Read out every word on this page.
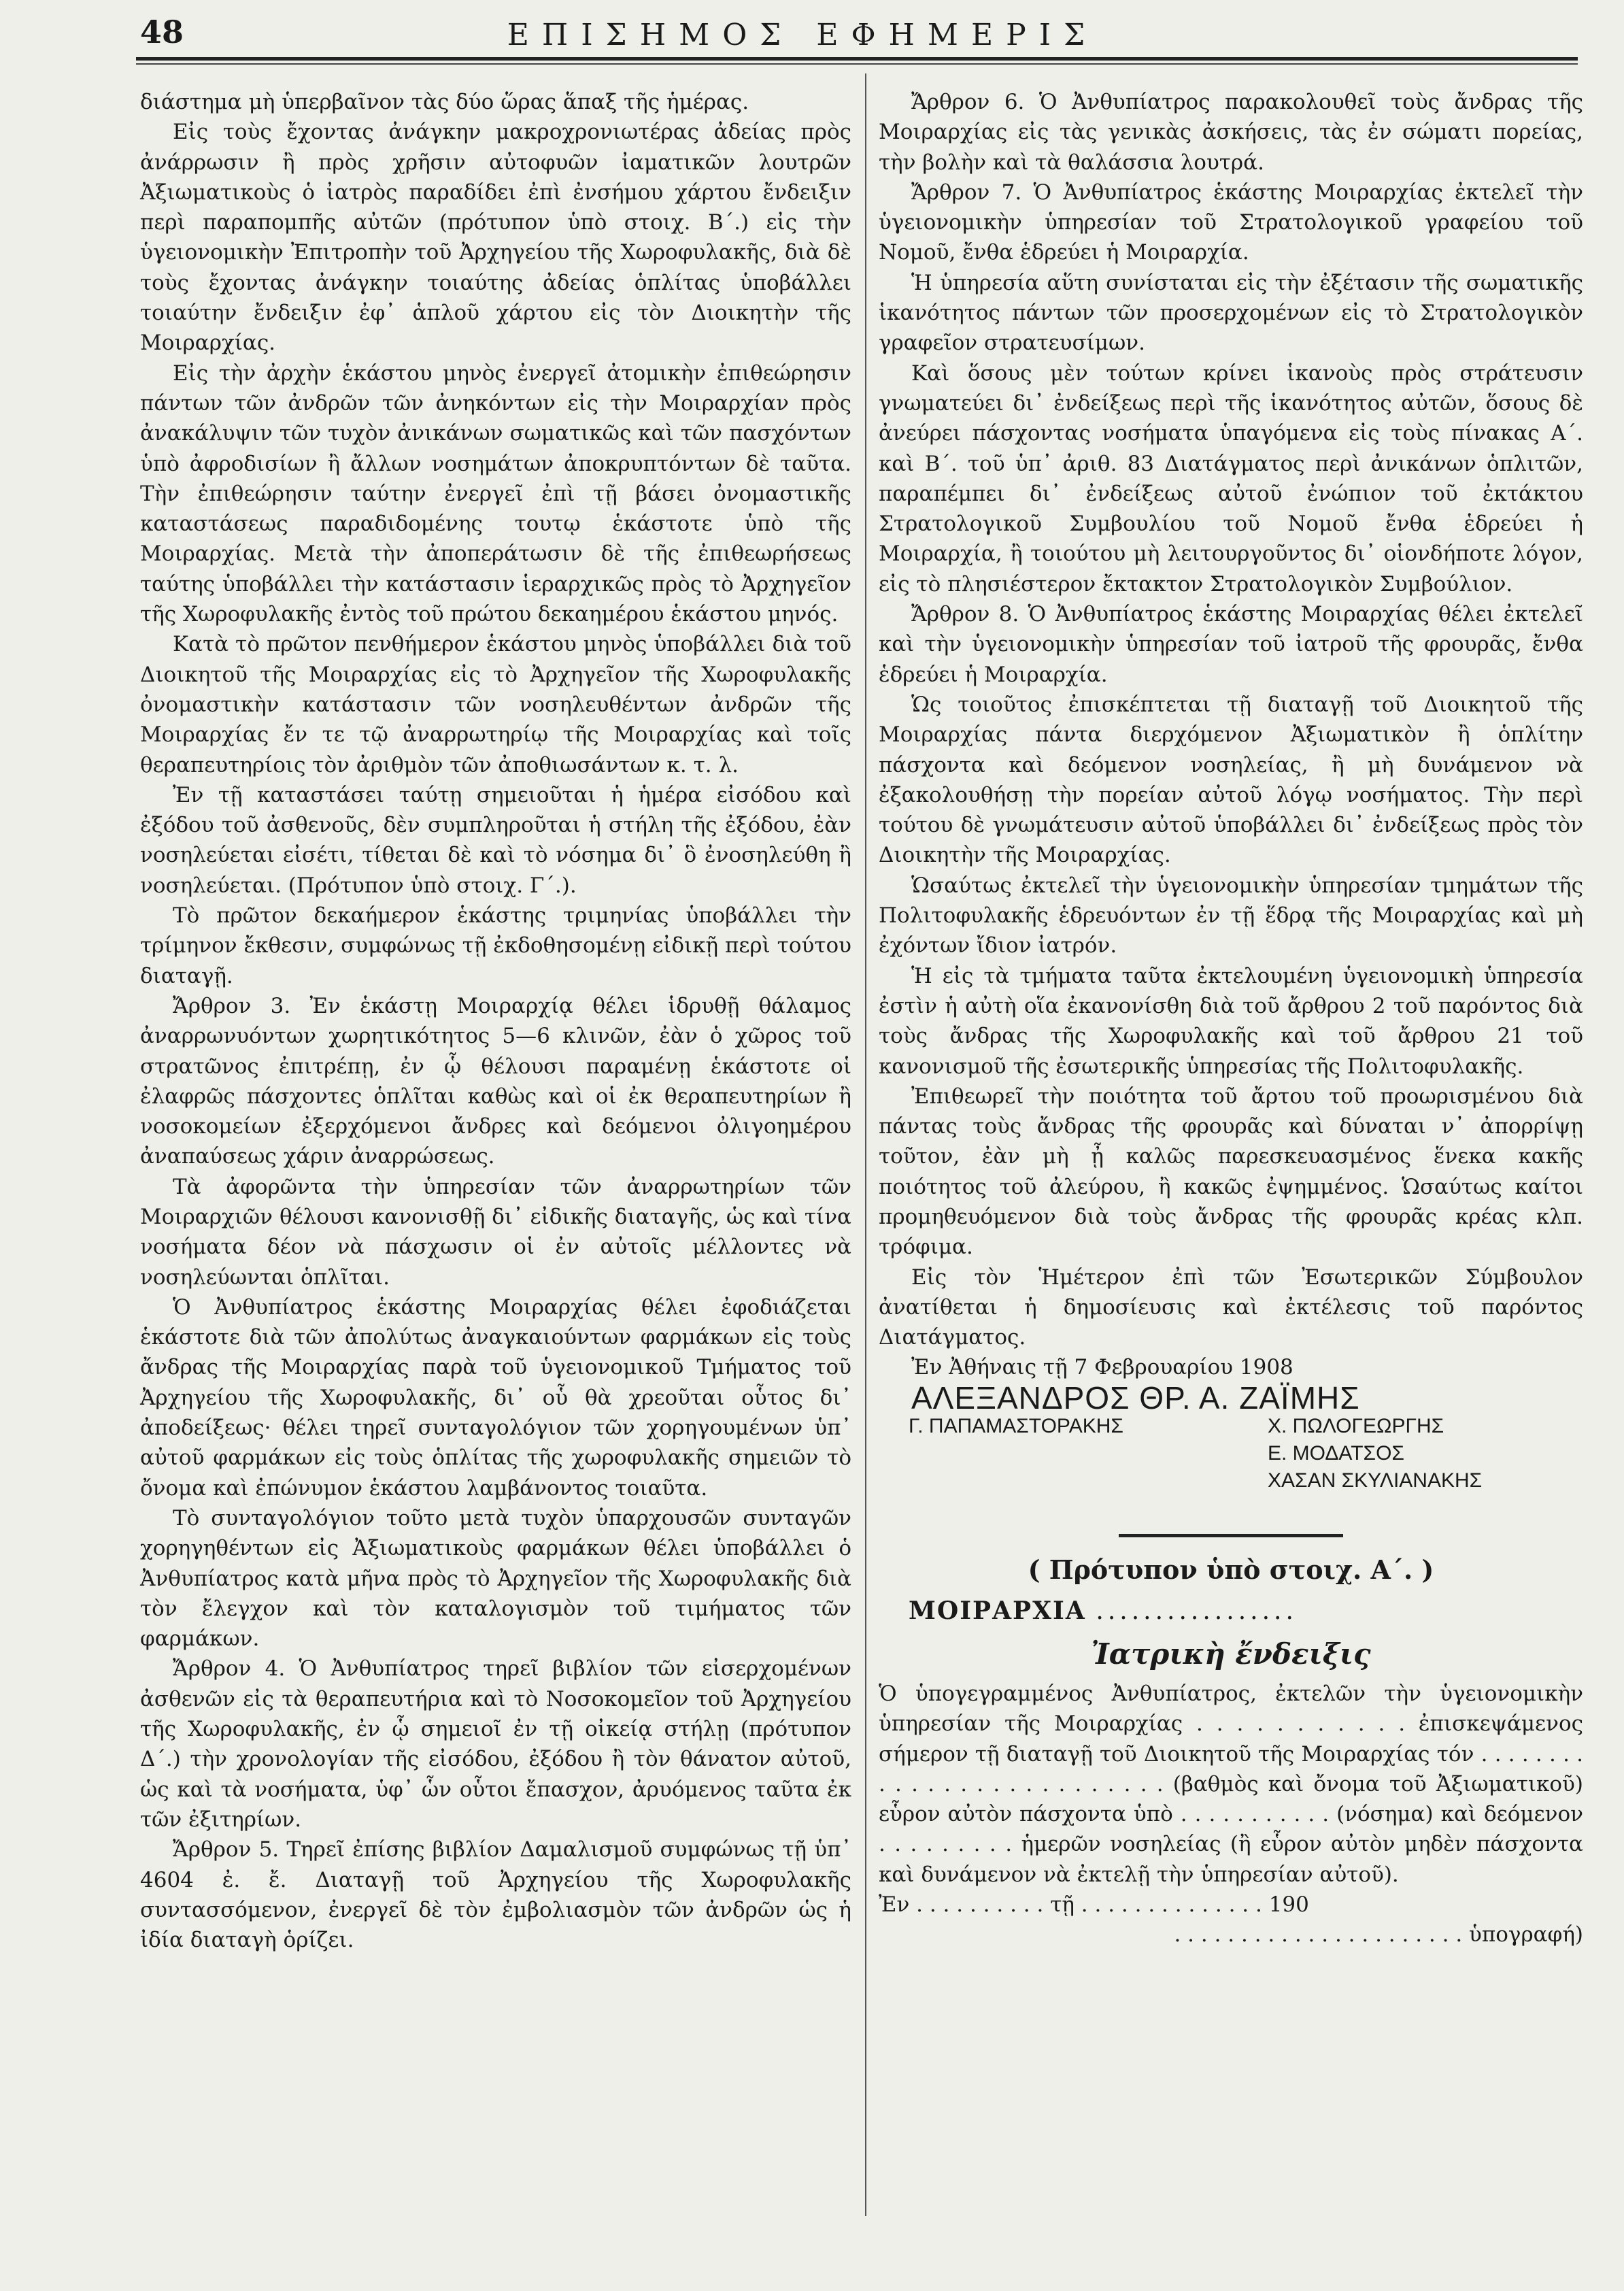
48	ΕΠΙΣΗΜΟΣ ΕΦΗΜΕΡΙΣ

διάστημα μὴ ὑπερβαῖνον τὰς δύο ὥρας ἅπαξ τῆς ἡμέρας.

Εἰς τοὺς ἔχοντας ἀνάγκην μακροχρονιωτέρας ἀδείας πρὸς ἀνάρρωσιν ἢ πρὸς χρῆσιν αὐτοφυῶν ἰαματικῶν λουτρῶν Ἀξιωματικοὺς ὁ ἰατρὸς παραδίδει ἐπὶ ἐνσήμου χάρτου ἔνδειξιν περὶ παραπομπῆς αὐτῶν (πρότυπον ὑπὸ στοιχ. Β΄.) εἰς τὴν ὑγειονομικὴν Ἐπιτροπὴν τοῦ Ἀρχηγείου τῆς Χωροφυλακῆς, διὰ δὲ τοὺς ἔχοντας ἀνάγκην τοιαύτης ἀδείας ὁπλίτας ὑποβάλλει τοιαύτην ἔνδειξιν ἐφ᾿ ἁπλοῦ χάρτου εἰς τὸν Διοικητὴν τῆς Μοιραρχίας.

Εἰς τὴν ἀρχὴν ἑκάστου μηνὸς ἐνεργεῖ ἀτομικὴν ἐπιθεώρησιν πάντων τῶν ἀνδρῶν τῶν ἀνηκόντων εἰς τὴν Μοιραρχίαν πρὸς ἀνακάλυψιν τῶν τυχὸν ἀνικάνων σωματικῶς καὶ τῶν πασχόντων ὑπὸ ἀφροδισίων ἢ ἄλλων νοσημάτων ἀποκρυπτόντων δὲ ταῦτα. Τὴν ἐπιθεώρησιν ταύτην ἐνεργεῖ ἐπὶ τῇ βάσει ὀνομαστικῆς καταστάσεως παραδιδομένης τουτῳ ἑκάστοτε ὑπὸ τῆς Μοιραρχίας. Μετὰ τὴν ἀποπεράτωσιν δὲ τῆς ἐπιθεωρήσεως ταύτης ὑποβάλλει τὴν κατάστασιν ἱεραρχικῶς πρὸς τὸ Ἀρχηγεῖον τῆς Χωροφυλακῆς ἐντὸς τοῦ πρώτου δεκαημέρου ἑκάστου μηνός.

Κατὰ τὸ πρῶτον πενθήμερον ἑκάστου μηνὸς ὑποβάλλει διὰ τοῦ Διοικητοῦ τῆς Μοιραρχίας εἰς τὸ Ἀρχηγεῖον τῆς Χωροφυλακῆς ὀνομαστικὴν κατάστασιν τῶν νοσηλευθέντων ἀνδρῶν τῆς Μοιραρχίας ἔν τε τῷ ἀναρρωτηρίῳ τῆς Μοιραρχίας καὶ τοῖς θεραπευτηρίοις τὸν ἀριθμὸν τῶν ἀποθιωσάντων κ. τ. λ.

Ἐν τῇ καταστάσει ταύτῃ σημειοῦται ἡ ἡμέρα εἰσόδου καὶ ἐξόδου τοῦ ἀσθενοῦς, δὲν συμπληροῦται ἡ στήλη τῆς ἐξόδου, ἐὰν νοσηλεύεται εἰσέτι, τίθεται δὲ καὶ τὸ νόσημα δι᾿ ὃ ἐνοσηλεύθη ἢ νοσηλεύεται. (Πρότυπον ὑπὸ στοιχ. Γ΄.).

Τὸ πρῶτον δεκαήμερον ἑκάστης τριμηνίας ὑποβάλλει τὴν τρίμηνον ἔκθεσιν, συμφώνως τῇ ἐκδοθησομένῃ εἰδικῇ περὶ τούτου διαταγῇ.

Ἄρθρον 3. Ἐν ἑκάστῃ Μοιραρχίᾳ θέλει ἱδρυθῇ θάλαμος ἀναρρωνυόντων χωρητικότητος 5—6 κλινῶν, ἐὰν ὁ χῶρος τοῦ στρατῶνος ἐπιτρέπῃ, ἐν ᾧ θέλουσι παραμένῃ ἑκάστοτε οἱ ἐλαφρῶς πάσχοντες ὁπλῖται καθὼς καὶ οἱ ἐκ θεραπευτηρίων ἢ νοσοκομείων ἐξερχόμενοι ἄνδρες καὶ δεόμενοι ὀλιγοημέρου ἀναπαύσεως χάριν ἀναρρώσεως.

Τὰ ἀφορῶντα τὴν ὑπηρεσίαν τῶν ἀναρρωτηρίων τῶν Μοιραρχιῶν θέλουσι κανονισθῇ δι᾿ εἰδικῆς διαταγῆς, ὡς καὶ τίνα νοσήματα δέον νὰ πάσχωσιν οἱ ἐν αὐτοῖς μέλλοντες νὰ νοσηλεύωνται ὁπλῖται.

Ὁ Ἀνθυπίατρος ἑκάστης Μοιραρχίας θέλει ἐφοδιάζεται ἑκάστοτε διὰ τῶν ἀπολύτως ἀναγκαιούντων φαρμάκων εἰς τοὺς ἄνδρας τῆς Μοιραρχίας παρὰ τοῦ ὑγειονομικοῦ Τμήματος τοῦ Ἀρχηγείου τῆς Χωροφυλακῆς, δι᾿ οὗ θὰ χρεοῦται οὗτος δι᾿ ἀποδείξεως· θέλει τηρεῖ συνταγολόγιον τῶν χορηγουμένων ὑπ᾿ αὐτοῦ φαρμάκων εἰς τοὺς ὁπλίτας τῆς χωροφυλακῆς σημειῶν τὸ ὄνομα καὶ ἐπώνυμον ἑκάστου λαμβάνοντος τοιαῦτα.

Τὸ συνταγολόγιον τοῦτο μετὰ τυχὸν ὑπαρχουσῶν συνταγῶν χορηγηθέντων εἰς Ἀξιωματικοὺς φαρμάκων θέλει ὑποβάλλει ὁ Ἀνθυπίατρος κατὰ μῆνα πρὸς τὸ Ἀρχηγεῖον τῆς Χωροφυλακῆς διὰ τὸν ἔλεγχον καὶ τὸν καταλογισμὸν τοῦ τιμήματος τῶν φαρμάκων.

Ἄρθρον 4. Ὁ Ἀνθυπίατρος τηρεῖ βιβλίον τῶν εἰσερχομένων ἀσθενῶν εἰς τὰ θεραπευτήρια καὶ τὸ Νοσοκομεῖον τοῦ Ἀρχηγείου τῆς Χωροφυλακῆς, ἐν ᾧ σημειοῖ ἐν τῇ οἰκείᾳ στήλῃ (πρότυπον Δ΄.) τὴν χρονολογίαν τῆς εἰσόδου, ἐξόδου ἢ τὸν θάνατον αὐτοῦ, ὡς καὶ τὰ νοσήματα, ὑφ᾿ ὧν οὗτοι ἔπασχον, ἀρυόμενος ταῦτα ἐκ τῶν ἐξιτηρίων.

Ἄρθρον 5. Τηρεῖ ἐπίσης βιβλίον Δαμαλισμοῦ συμφώνως τῇ ὑπ᾿ 4604 ἐ. ἔ. Διαταγῇ τοῦ Ἀρχηγείου τῆς Χωροφυλακῆς συντασσόμενον, ἐνεργεῖ δὲ τὸν ἐμβολιασμὸν τῶν ἀνδρῶν ὡς ἡ ἰδία διαταγὴ ὁρίζει.

Ἄρθρον 6. Ὁ Ἀνθυπίατρος παρακολουθεῖ τοὺς ἄνδρας τῆς Μοιραρχίας εἰς τὰς γενικὰς ἀσκήσεις, τὰς ἐν σώματι πορείας, τὴν βολὴν καὶ τὰ θαλάσσια λουτρά.

Ἄρθρον 7. Ὁ Ἀνθυπίατρος ἑκάστης Μοιραρχίας ἐκτελεῖ τὴν ὑγειονομικὴν ὑπηρεσίαν τοῦ Στρατολογικοῦ γραφείου τοῦ Νομοῦ, ἔνθα ἑδρεύει ἡ Μοιραρχία.

Ἡ ὑπηρεσία αὕτη συνίσταται εἰς τὴν ἐξέτασιν τῆς σωματικῆς ἱκανότητος πάντων τῶν προσερχομένων εἰς τὸ Στρατολογικὸν γραφεῖον στρατευσίμων.

Καὶ ὅσους μὲν τούτων κρίνει ἱκανοὺς πρὸς στράτευσιν γνωματεύει δι᾿ ἐνδείξεως περὶ τῆς ἱκανότητος αὐτῶν, ὅσους δὲ ἀνεύρει πάσχοντας νοσήματα ὑπαγόμενα εἰς τοὺς πίνακας Α΄. καὶ Β΄. τοῦ ὑπ᾿ ἀριθ. 83 Διατάγματος περὶ ἀνικάνων ὁπλιτῶν, παραπέμπει δι᾿ ἐνδείξεως αὐτοῦ ἐνώπιον τοῦ ἐκτάκτου Στρατολογικοῦ Συμβουλίου τοῦ Νομοῦ ἔνθα ἑδρεύει ἡ Μοιραρχία, ἢ τοιούτου μὴ λειτουργοῦντος δι᾿ οἱονδήποτε λόγον, εἰς τὸ πλησιέστερον ἔκτακτον Στρατολογικὸν Συμβούλιον.

Ἄρθρον 8. Ὁ Ἀνθυπίατρος ἑκάστης Μοιραρχίας θέλει ἐκτελεῖ καὶ τὴν ὑγειονομικὴν ὑπηρεσίαν τοῦ ἰατροῦ τῆς φρουρᾶς, ἔνθα ἑδρεύει ἡ Μοιραρχία.

Ὡς τοιοῦτος ἐπισκέπτεται τῇ διαταγῇ τοῦ Διοικητοῦ τῆς Μοιραρχίας πάντα διερχόμενον Ἀξιωματικὸν ἢ ὁπλίτην πάσχοντα καὶ δεόμενον νοσηλείας, ἢ μὴ δυνάμενον νὰ ἐξακολουθήσῃ τὴν πορείαν αὐτοῦ λόγῳ νοσήματος. Τὴν περὶ τούτου δὲ γνωμάτευσιν αὐτοῦ ὑποβάλλει δι᾿ ἐνδείξεως πρὸς τὸν Διοικητὴν τῆς Μοιραρχίας.

Ὡσαύτως ἐκτελεῖ τὴν ὑγειονομικὴν ὑπηρεσίαν τμημάτων τῆς Πολιτοφυλακῆς ἑδρευόντων ἐν τῇ ἕδρᾳ τῆς Μοιραρχίας καὶ μὴ ἐχόντων ἴδιον ἰατρόν.

Ἡ εἰς τὰ τμήματα ταῦτα ἐκτελουμένη ὑγειονομικὴ ὑπηρεσία ἐστὶν ἡ αὐτὴ οἵα ἐκανονίσθη διὰ τοῦ ἄρθρου 2 τοῦ παρόντος διὰ τοὺς ἄνδρας τῆς Χωροφυλακῆς καὶ τοῦ ἄρθρου 21 τοῦ κανονισμοῦ τῆς ἐσωτερικῆς ὑπηρεσίας τῆς Πολιτοφυλακῆς.

Ἐπιθεωρεῖ τὴν ποιότητα τοῦ ἄρτου τοῦ προωρισμένου διὰ πάντας τοὺς ἄνδρας τῆς φρουρᾶς καὶ δύναται ν᾿ ἀπορρίψῃ τοῦτον, ἐὰν μὴ ᾖ καλῶς παρεσκευασμένος ἕνεκα κακῆς ποιότητος τοῦ ἀλεύρου, ἢ κακῶς ἐψημμένος. Ὡσαύτως καίτοι προμηθευόμενον διὰ τοὺς ἄνδρας τῆς φρουρᾶς κρέας κλπ. τρόφιμα.

Εἰς τὸν Ἡμέτερον ἐπὶ τῶν Ἐσωτερικῶν Σύμβουλον ἀνατίθεται ἡ δημοσίευσις καὶ ἐκτέλεσις τοῦ παρόντος Διατάγματος.

Ἐν Ἀθήναις τῇ 7 Φεβρουαρίου 1908

ΑΛΕΞΑΝΔΡΟΣ ΘΡ. Α. ΖΑΪΜΗΣ

Γ. ΠΑΠΑΜΑΣΤΟΡΑΚΗΣ	Χ. ΠΩΛΟΓΕΩΡΓΗΣ
Ε. ΜΟΔΑΤΣΟΣ
ΧΑΣΑΝ ΣΚΥΛΙΑΝΑΚΗΣ
( Πρότυπον ὑπὸ στοιχ. Α΄. )
ΜΟΙΡΑΡΧΙΑ .................
Ἰατρικὴ ἔνδειξις

Ὁ ὑπογεγραμμένος Ἀνθυπίατρος, ἐκτελῶν τὴν ὑγειονομικὴν ὑπηρεσίαν τῆς Μοιραρχίας . . . . . . . . . . . ἐπισκεψάμενος σήμερον τῇ διαταγῇ τοῦ Διοικητοῦ τῆς Μοιραρχίας τόν . . . . . . . . . . . . . . . . . . . . . . . . . . (βαθμὸς καὶ ὄνομα τοῦ Ἀξιωματικοῦ) εὗρον αὐτὸν πάσχοντα ὑπὸ . . . . . . . . . . . (νόσημα) καὶ δεόμενον . . . . . . . . . ἡμερῶν νοσηλείας (ἢ εὗρον αὐτὸν μηδὲν πάσχοντα καὶ δυνάμενον νὰ ἐκτελῇ τὴν ὑπηρεσίαν αὐτοῦ).

Ἐν . . . . . . . . . . τῇ . . . . . . . . . . . . . . 190

. . . . . . . . . . . . . . . . . . . . . . ὑπογραφή)
